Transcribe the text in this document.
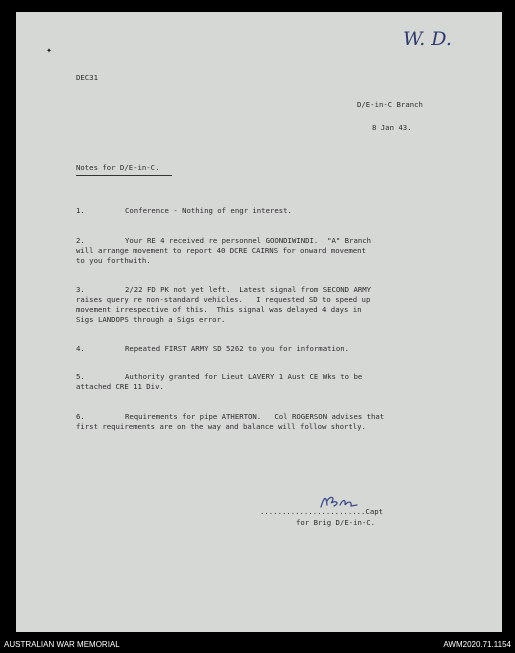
✦
W. D.
DEC31
D/E-in-C Branch
8 Jan 43.
Notes for D/E-in-C.
1.	Conference - Nothing of engr interest.
2.	Your RE 4 received re personnel GOONDIWINDI.  "A" Branch
will arrange movement to report 40 DCRE CAIRNS for onward movement
to you forthwith.
3.	2/22 FD PK not yet left.  Latest signal from SECOND ARMY
raises query re non-standard vehicles.   I requested SD to speed up
movement irrespective of this.  This signal was delayed 4 days in
Sigs LANDOPS through a Sigs error.
4.	Repeated FIRST ARMY SD 5262 to you for information.
5.	Authority granted for Lieut LAVERY 1 Aust CE Wks to be
attached CRE 11 Div.
6.	Requirements for pipe ATHERTON.   Col ROGERSON advises that
first requirements are on the way and balance will follow shortly.
........................Capt
for Brig D/E-in-C.
AUSTRALIAN WAR MEMORIAL	AWM2020.71.1154
